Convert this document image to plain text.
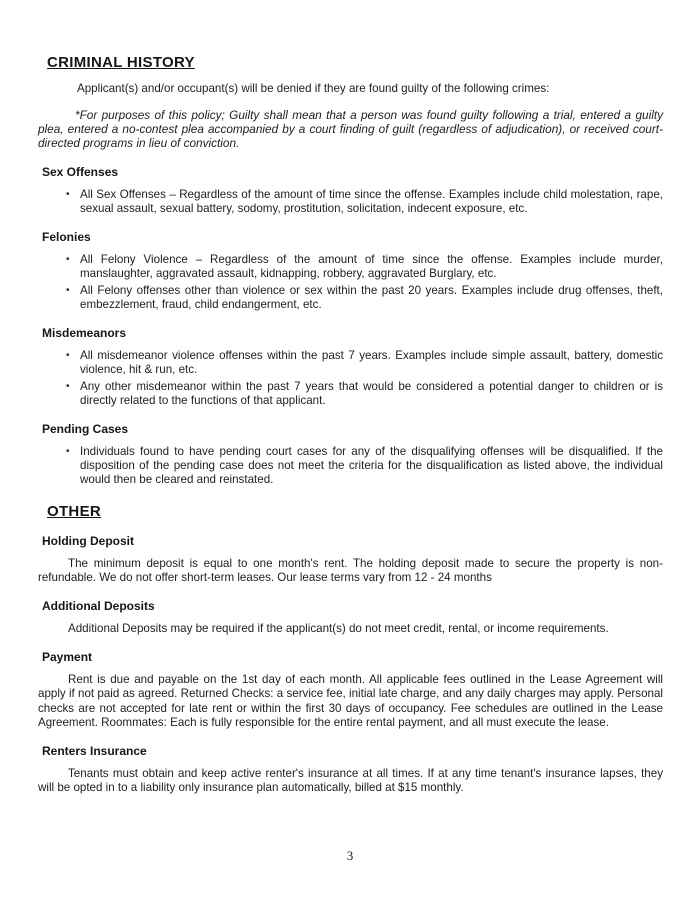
CRIMINAL HISTORY

Applicant(s) and/or occupant(s) will be denied if they are found guilty of the following crimes:

*For purposes of this policy; Guilty shall mean that a person was found guilty following a trial, entered a guilty plea, entered a no-contest plea accompanied by a court finding of guilt (regardless of adjudication), or received court-directed programs in lieu of conviction.

Sex Offenses
• All Sex Offenses – Regardless of the amount of time since the offense. Examples include child molestation, rape, sexual assault, sexual battery, sodomy, prostitution, solicitation, indecent exposure, etc.
Felonies
• All Felony Violence – Regardless of the amount of time since the offense. Examples include murder, manslaughter, aggravated assault, kidnapping, robbery, aggravated Burglary, etc.
• All Felony offenses other than violence or sex within the past 20 years. Examples include drug offenses, theft, embezzlement, fraud, child endangerment, etc.
Misdemeanors
• All misdemeanor violence offenses within the past 7 years. Examples include simple assault, battery, domestic violence, hit & run, etc.
• Any other misdemeanor within the past 7 years that would be considered a potential danger to children or is directly related to the functions of that applicant.
Pending Cases
• Individuals found to have pending court cases for any of the disqualifying offenses will be disqualified. If the disposition of the pending case does not meet the criteria for the disqualification as listed above, the individual would then be cleared and reinstated.
OTHER
Holding Deposit

The minimum deposit is equal to one month's rent. The holding deposit made to secure the property is non- refundable. We do not offer short-term leases. Our lease terms vary from 12 - 24 months

Additional Deposits

Additional Deposits may be required if the applicant(s) do not meet credit, rental, or income requirements.

Payment

Rent is due and payable on the 1st day of each month. All applicable fees outlined in the Lease Agreement will apply if not paid as agreed. Returned Checks: a service fee, initial late charge, and any daily charges may apply. Personal checks are not accepted for late rent or within the first 30 days of occupancy. Fee schedules are outlined in the Lease Agreement. Roommates: Each is fully responsible for the entire rental payment, and all must execute the lease.

Renters Insurance

Tenants must obtain and keep active renter's insurance at all times. If at any time tenant's insurance lapses, they will be opted in to a liability only insurance plan automatically, billed at $15 monthly.

3
